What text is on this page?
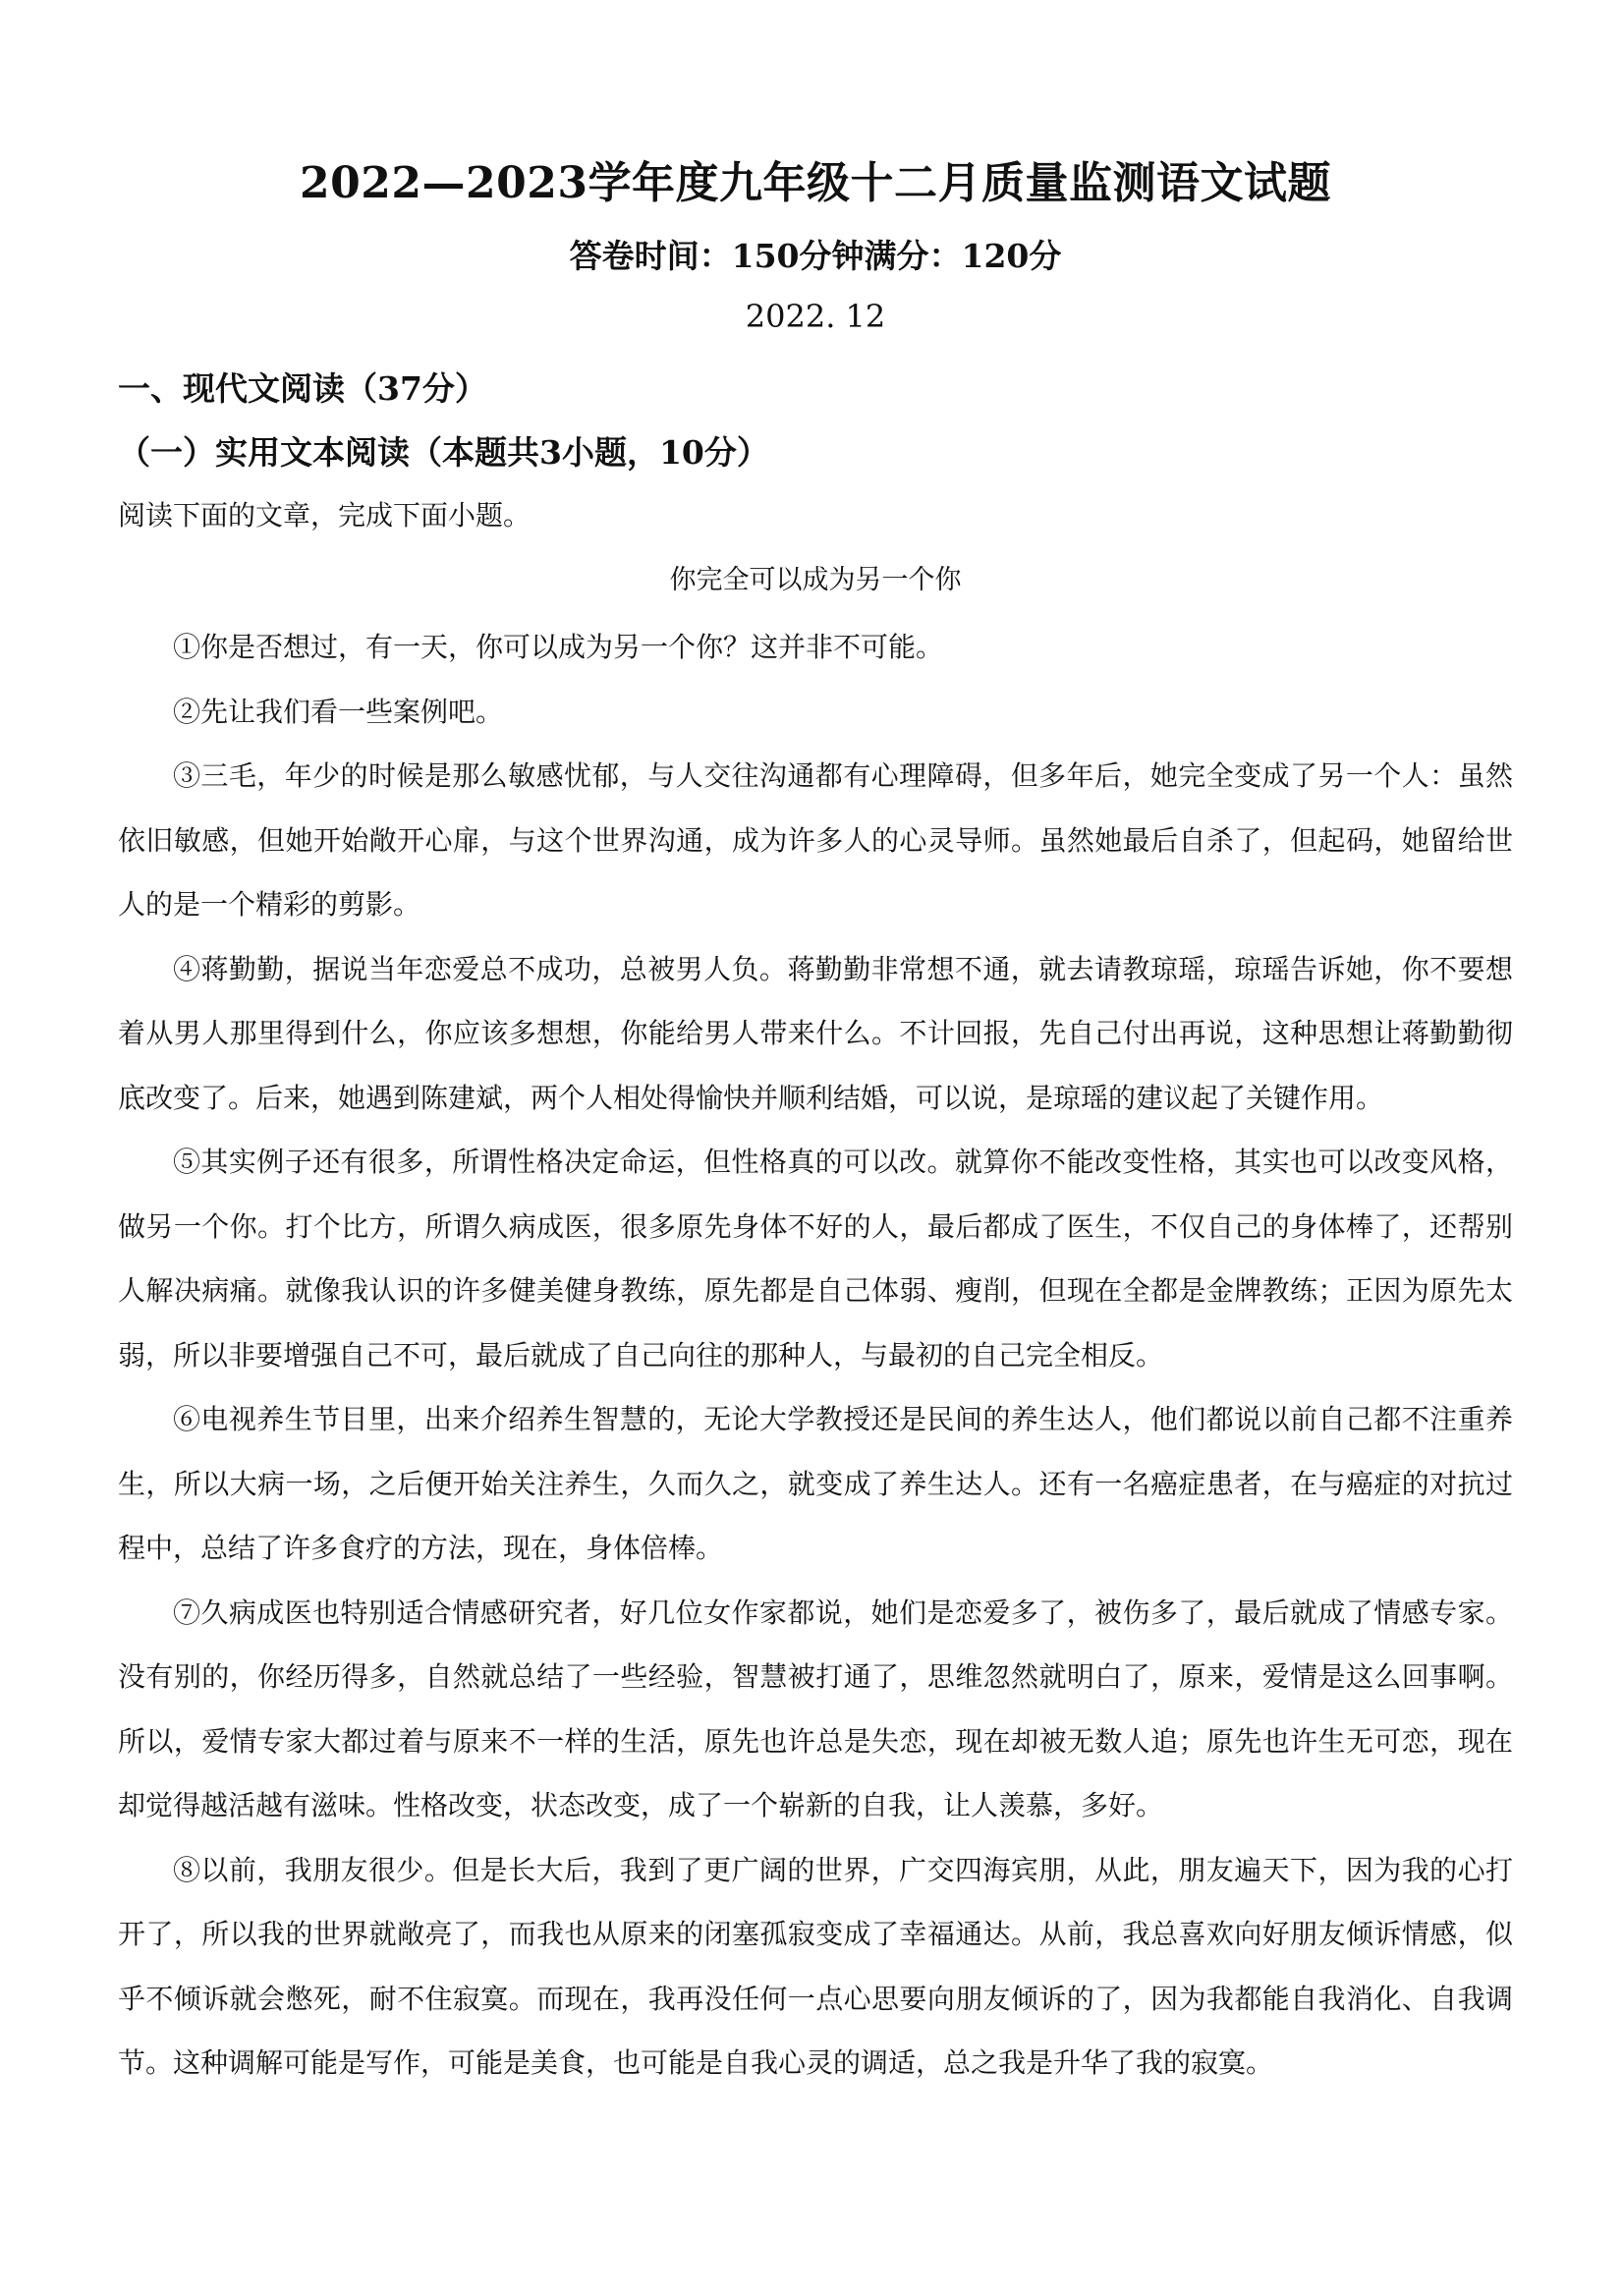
2022—2023学年度九年级十二月质量监测语文试题
答卷时间：150分钟满分：120分
2022. 12
一、现代文阅读（37分）
（一）实用文本阅读（本题共3小题，10分）
阅读下面的文章，完成下面小题。
你完全可以成为另一个你

①你是否想过，有一天，你可以成为另一个你？这并非不可能。

②先让我们看一些案例吧。

③三毛，年少的时候是那么敏感忧郁，与人交往沟通都有心理障碍，但多年后，她完全变成了另一个人：虽然依旧敏感，但她开始敞开心扉，与这个世界沟通，成为许多人的心灵导师。虽然她最后自杀了，但起码，她留给世人的是一个精彩的剪影。

④蒋勤勤，据说当年恋爱总不成功，总被男人负。蒋勤勤非常想不通，就去请教琼瑶，琼瑶告诉她，你不要想着从男人那里得到什么，你应该多想想，你能给男人带来什么。不计回报，先自己付出再说，这种思想让蒋勤勤彻底改变了。后来，她遇到陈建斌，两个人相处得愉快并顺利结婚，可以说，是琼瑶的建议起了关键作用。

⑤其实例子还有很多，所谓性格决定命运，但性格真的可以改。就算你不能改变性格，其实也可以改变风格，做另一个你。打个比方，所谓久病成医，很多原先身体不好的人，最后都成了医生，不仅自己的身体棒了，还帮别人解决病痛。就像我认识的许多健美健身教练，原先都是自己体弱、瘦削，但现在全都是金牌教练；正因为原先太弱，所以非要增强自己不可，最后就成了自己向往的那种人，与最初的自己完全相反。

⑥电视养生节目里，出来介绍养生智慧的，无论大学教授还是民间的养生达人，他们都说以前自己都不注重养生，所以大病一场，之后便开始关注养生，久而久之，就变成了养生达人。还有一名癌症患者，在与癌症的对抗过程中，总结了许多食疗的方法，现在，身体倍棒。

⑦久病成医也特别适合情感研究者，好几位女作家都说，她们是恋爱多了，被伤多了，最后就成了情感专家。没有别的，你经历得多，自然就总结了一些经验，智慧被打通了，思维忽然就明白了，原来，爱情是这么回事啊。所以，爱情专家大都过着与原来不一样的生活，原先也许总是失恋，现在却被无数人追；原先也许生无可恋，现在却觉得越活越有滋味。性格改变，状态改变，成了一个崭新的自我，让人羡慕，多好。

⑧以前，我朋友很少。但是长大后，我到了更广阔的世界，广交四海宾朋，从此，朋友遍天下，因为我的心打开了，所以我的世界就敞亮了，而我也从原来的闭塞孤寂变成了幸福通达。从前，我总喜欢向好朋友倾诉情感，似乎不倾诉就会憋死，耐不住寂寞。而现在，我再没任何一点心思要向朋友倾诉的了，因为我都能自我消化、自我调节。这种调解可能是写作，可能是美食，也可能是自我心灵的调适，总之我是升华了我的寂寞。
